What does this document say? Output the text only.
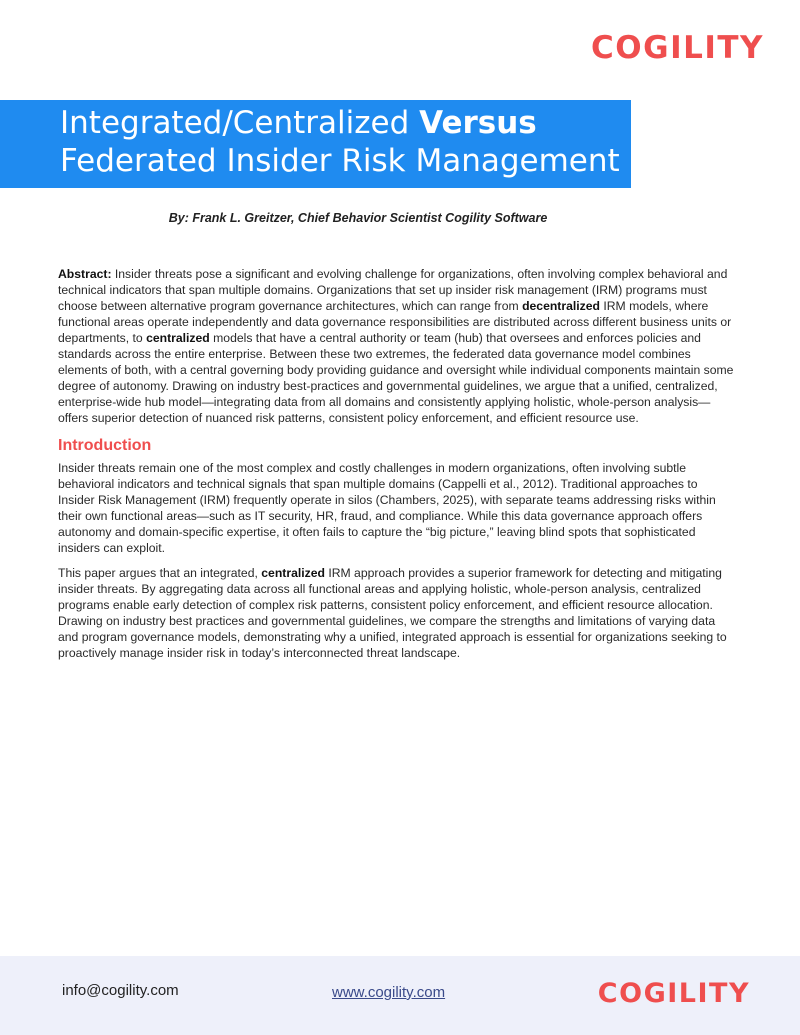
COGILITY
Integrated/Centralized Versus
Federated Insider Risk Management
By: Frank L. Greitzer, Chief Behavior Scientist Cogility Software

Abstract: Insider threats pose a significant and evolving challenge for organizations, often involving complex behavioral and technical indicators that span multiple domains. Organizations that set up insider risk management (IRM) programs must choose between alternative program governance architectures, which can range from decentralized IRM models, where functional areas operate independently and data governance responsibilities are distributed across different business units or departments, to centralized models that have a central authority or team (hub) that oversees and enforces policies and standards across the entire enterprise. Between these two extremes, the federated data governance model combines elements of both, with a central governing body providing guidance and oversight while individual components maintain some degree of autonomy. Drawing on industry best-practices and governmental guidelines, we argue that a unified, centralized, enterprise-wide hub model—integrating data from all domains and consistently applying holistic, whole-person analysis—offers superior detection of nuanced risk patterns, consistent policy enforcement, and efficient resource use.

Introduction

Insider threats remain one of the most complex and costly challenges in modern organizations, often involving subtle behavioral indicators and technical signals that span multiple domains (Cappelli et al., 2012). Traditional approaches to Insider Risk Management (IRM) frequently operate in silos (Chambers, 2025), with separate teams addressing risks within their own functional areas—such as IT security, HR, fraud, and compliance. While this data governance approach offers autonomy and domain-specific expertise, it often fails to capture the “big picture,” leaving blind spots that sophisticated insiders can exploit.

This paper argues that an integrated, centralized IRM approach provides a superior framework for detecting and mitigating insider threats. By aggregating data across all functional areas and applying holistic, whole-person analysis, centralized programs enable early detection of complex risk patterns, consistent policy enforcement, and efficient resource allocation. Drawing on industry best practices and governmental guidelines, we compare the strengths and limitations of varying data and program governance models, demonstrating why a unified, integrated approach is essential for organizations seeking to proactively manage insider risk in today’s interconnected threat landscape.

info@cogility.com	www.cogility.com	COGILITY
